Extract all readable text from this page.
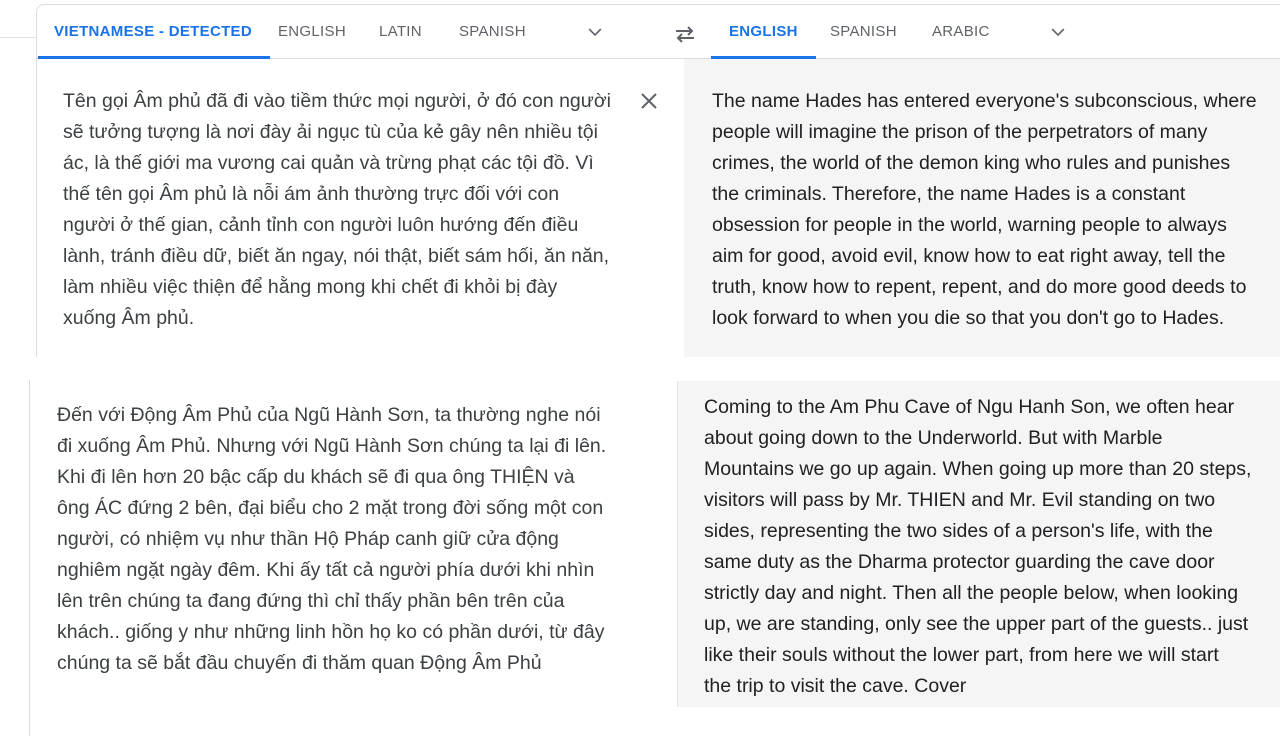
VIETNAMESE - DETECTED ENGLISH LATIN SPANISH	ENGLISH SPANISH ARABIC
Tên gọi Âm phủ đã đi vào tiềm thức mọi người, ở đó con người
sẽ tưởng tượng là nơi đày ải ngục tù của kẻ gây nên nhiều tội
ác, là thế giới ma vương cai quản và trừng phạt các tội đồ. Vì
thế tên gọi Âm phủ là nỗi ám ảnh thường trực đối với con
người ở thế gian, cảnh tỉnh con người luôn hướng đến điều
lành, tránh điều dữ, biết ăn ngay, nói thật, biết sám hối, ăn năn,
làm nhiều việc thiện để hằng mong khi chết đi khỏi bị đày
xuống Âm phủ.
The name Hades has entered everyone's subconscious, where
people will imagine the prison of the perpetrators of many
crimes, the world of the demon king who rules and punishes
the criminals. Therefore, the name Hades is a constant
obsession for people in the world, warning people to always
aim for good, avoid evil, know how to eat right away, tell the
truth, know how to repent, repent, and do more good deeds to
look forward to when you die so that you don't go to Hades.
Đến với Động Âm Phủ của Ngũ Hành Sơn, ta thường nghe nói
đi xuống Âm Phủ. Nhưng với Ngũ Hành Sơn chúng ta lại đi lên.
Khi đi lên hơn 20 bậc cấp du khách sẽ đi qua ông THIỆN và
ông ÁC đứng 2 bên, đại biểu cho 2 mặt trong đời sống một con
người, có nhiệm vụ như thần Hộ Pháp canh giữ cửa động
nghiêm ngặt ngày đêm. Khi ấy tất cả người phía dưới khi nhìn
lên trên chúng ta đang đứng thì chỉ thấy phần bên trên của
khách.. giống y như những linh hồn họ ko có phần dưới, từ đây
chúng ta sẽ bắt đầu chuyến đi thăm quan Động Âm Phủ
Coming to the Am Phu Cave of Ngu Hanh Son, we often hear
about going down to the Underworld. But with Marble
Mountains we go up again. When going up more than 20 steps,
visitors will pass by Mr. THIEN and Mr. Evil standing on two
sides, representing the two sides of a person's life, with the
same duty as the Dharma protector guarding the cave door
strictly day and night. Then all the people below, when looking
up, we are standing, only see the upper part of the guests.. just
like their souls without the lower part, from here we will start
the trip to visit the cave. Cover
